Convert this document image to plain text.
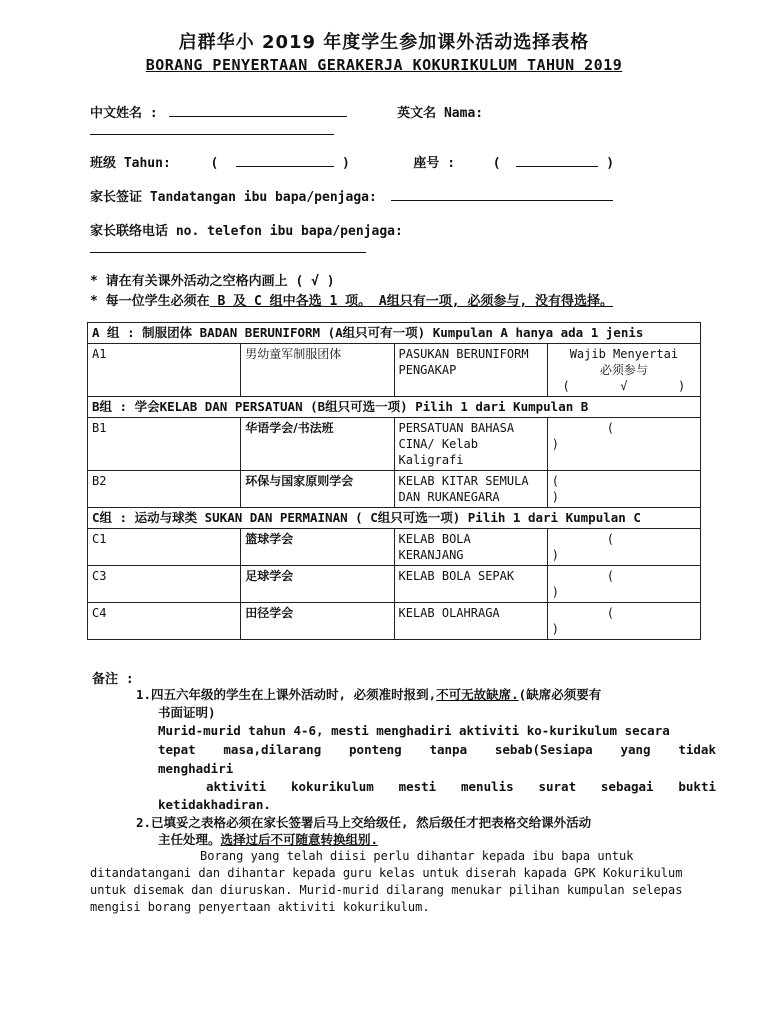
启群华小 2019 年度学生参加课外活动选择表格
BORANG PENYERTAAN GERAKERJA KOKURIKULUM TAHUN 2019
中文姓名 :	英文名 Nama:
班级 Tahun:	(	)	座号 :	(	)
家长签证 Tandatangan ibu bapa/penjaga:
家长联络电话 no. telefon ibu bapa/penjaga:
* 请在有关课外活动之空格内画上 ( √ )
* 每一位学生必须在 B 及 C 组中各选 1 项。 A组只有一项, 必须参与, 没有得选择。
A 组 : 制服团体 BADAN BERUNIFORM (A组只可有一项) Kumpulan A hanya ada 1 jenis			
A1	男幼童军制服团体	PASUKAN BERUNIFORM PENGAKAP	Wajib Menyertai
必须参与
(       √       )

B组 : 学会KELAB DAN PERSATUAN (B组只可选一项) Pilih 1 dari Kumpulan B			
B1	华语学会/书法班	PERSATUAN BAHASA CINA/ Kelab Kaligrafi	(
)

B2	环保与国家原则学会	KELAB KITAR SEMULA DAN RUKANEGARA	(
)

C组 : 运动与球类 SUKAN DAN PERMAINAN ( C组只可选一项) Pilih 1 dari Kumpulan C			
C1	篮球学会	KELAB BOLA KERANJANG	(
)

C3	足球学会	KELAB BOLA SEPAK	(
)

C4	田径学会	KELAB OLAHRAGA	(
)
备注 :
1.四五六年级的学生在上课外活动时, 必须准时报到,不可无故缺席.(缺席必须要有
书面证明)
Murid-murid tahun 4-6, mesti menghadiri aktiviti ko-kurikulum secara
tepat masa,dilarang ponteng tanpa sebab(Sesiapa yang tidak
menghadiri
aktiviti kokurikulum mesti menulis surat sebagai bukti
ketidakhadiran.
2.已填妥之表格必须在家长签署后马上交给级任, 然后级任才把表格交给课外活动
主任处理。选择过后不可随意转换组别.
Borang yang telah diisi perlu dihantar kepada ibu bapa untuk ditandatangani dan dihantar kepada guru kelas untuk diserah kapada GPK Kokurikulum untuk disemak dan diuruskan. Murid-murid dilarang menukar pilihan kumpulan selepas mengisi borang penyertaan aktiviti kokurikulum.
